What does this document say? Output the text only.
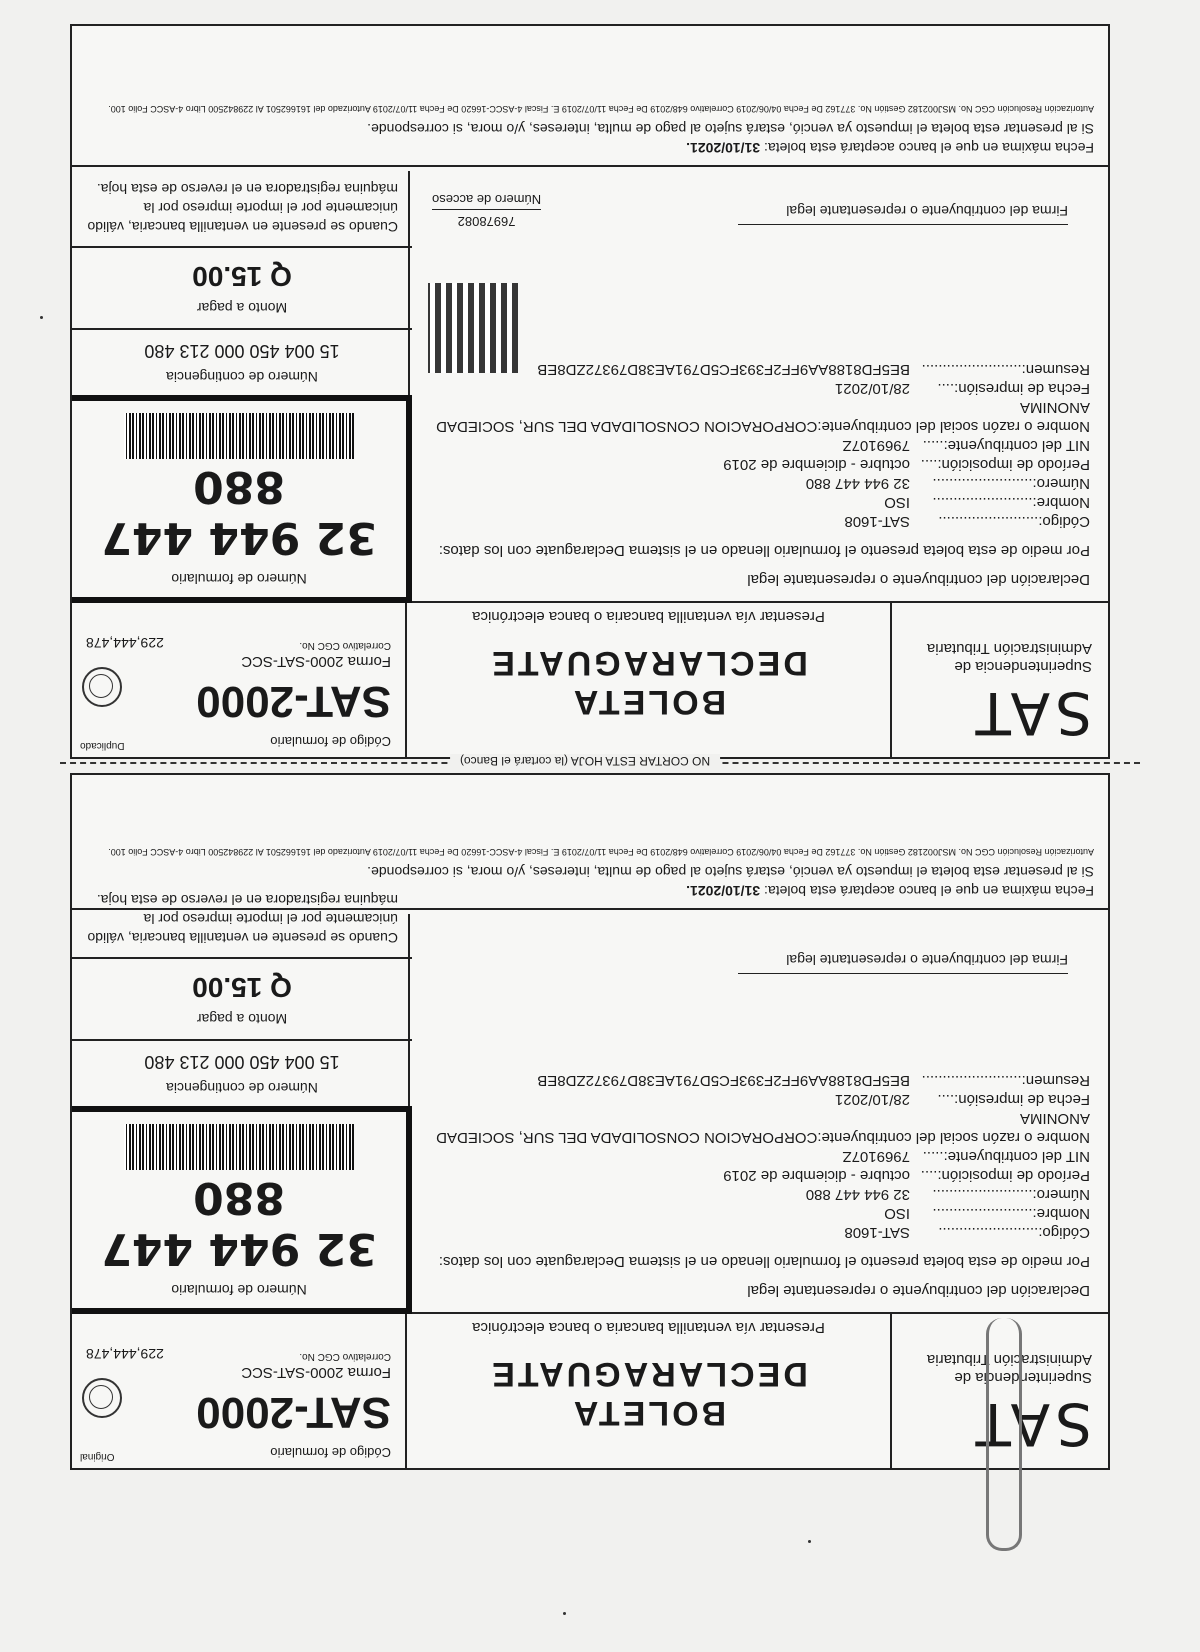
SAT
Superintendencia de
Administración Tributaria
BOLETA DECLARAGUATE
Presentar vía ventanilla bancaria o banca electrónica
Original	Código de formulario
SAT-2000
Forma 2000-SAT-SCC
Correlativo CGC No.
229,444,478
Declaración del contribuyente o representante legal
Por medio de esta boleta presento el formulario llenado en el sistema Declaraguate con los datos:
Código:........................
SAT-1608
Nombre:........................
ISO
Número:........................
32 944 447 880
Período de imposición:....
octubre - diciembre de 2019
NIT del contribuyente:.....
7969107Z
Nombre o razón social del contribuyente:CORPORACION CONSOLIDADA DEL SUR, SOCIEDAD ANONIMA
Fecha de impresión:....
28/10/2021
Resumen:........................
BE5FD8188AA9FF2F393FC5D791AE38D79372ZD8EB
Firma del contribuyente o representante legal
Número de formulario
32 944 447 880
Número de contingencia
15 004 450 000 213 480
Monto a pagar
Q 15.00
Cuando se presente en ventanilla bancaria, válido únicamente por el importe impreso por la máquina registradora en el reverso de esta hoja.
Fecha máxima en que el banco aceptará esta boleta: 31/10/2021.
Si al presentar esta boleta el impuesto ya venció, estará sujeto al pago de multa, intereses, y/o mora, si corresponde.
Autorización Resolución CGC No. MSJ002182 Gestión No. 377162 De Fecha 04/06/2019 Correlativo 648/2019 De Fecha 11/07/2019 E. Fiscal 4-ASCC-16620 De Fecha 11/07/2019 Autorizado del 161662501 Al 229842500 Libro 4-ASCC Folio 100.
SAT
Superintendencia de
Administración Tributaria
BOLETA DECLARAGUATE
Presentar vía ventanilla bancaria o banca electrónica
Duplicado	Código de formulario
SAT-2000
Forma 2000-SAT-SCC
Correlativo CGC No.
229,444,478
Declaración del contribuyente o representante legal
Por medio de esta boleta presento el formulario llenado en el sistema Declaraguate con los datos:
Código:........................
SAT-1608
Nombre:........................
ISO
Número:........................
32 944 447 880
Período de imposición:....
octubre - diciembre de 2019
NIT del contribuyente:.....
7969107Z
Nombre o razón social del contribuyente:CORPORACION CONSOLIDADA DEL SUR, SOCIEDAD ANONIMA
Fecha de impresión:....
28/10/2021
Resumen:........................
BE5FD8188AA9FF2F393FC5D791AE38D79372ZD8EB
Firma del contribuyente o representante legal
76978082
Número de acceso
Número de formulario
32 944 447 880
Número de contingencia
15 004 450 000 213 480
Monto a pagar
Q 15.00
Cuando se presente en ventanilla bancaria, válido únicamente por el importe impreso por la máquina registradora en el reverso de esta hoja.
Fecha máxima en que el banco aceptará esta boleta: 31/10/2021.
Si al presentar esta boleta el impuesto ya venció, estará sujeto al pago de multa, intereses, y/o mora, si corresponde.
Autorización Resolución CGC No. MSJ002182 Gestión No. 377162 De Fecha 04/06/2019 Correlativo 648/2019 De Fecha 11/07/2019 E. Fiscal 4-ASCC-16620 De Fecha 11/07/2019 Autorizado del 161662501 Al 229842500 Libro 4-ASCC Folio 100.
NO CORTAR ESTA HOJA (la cortará el Banco)
